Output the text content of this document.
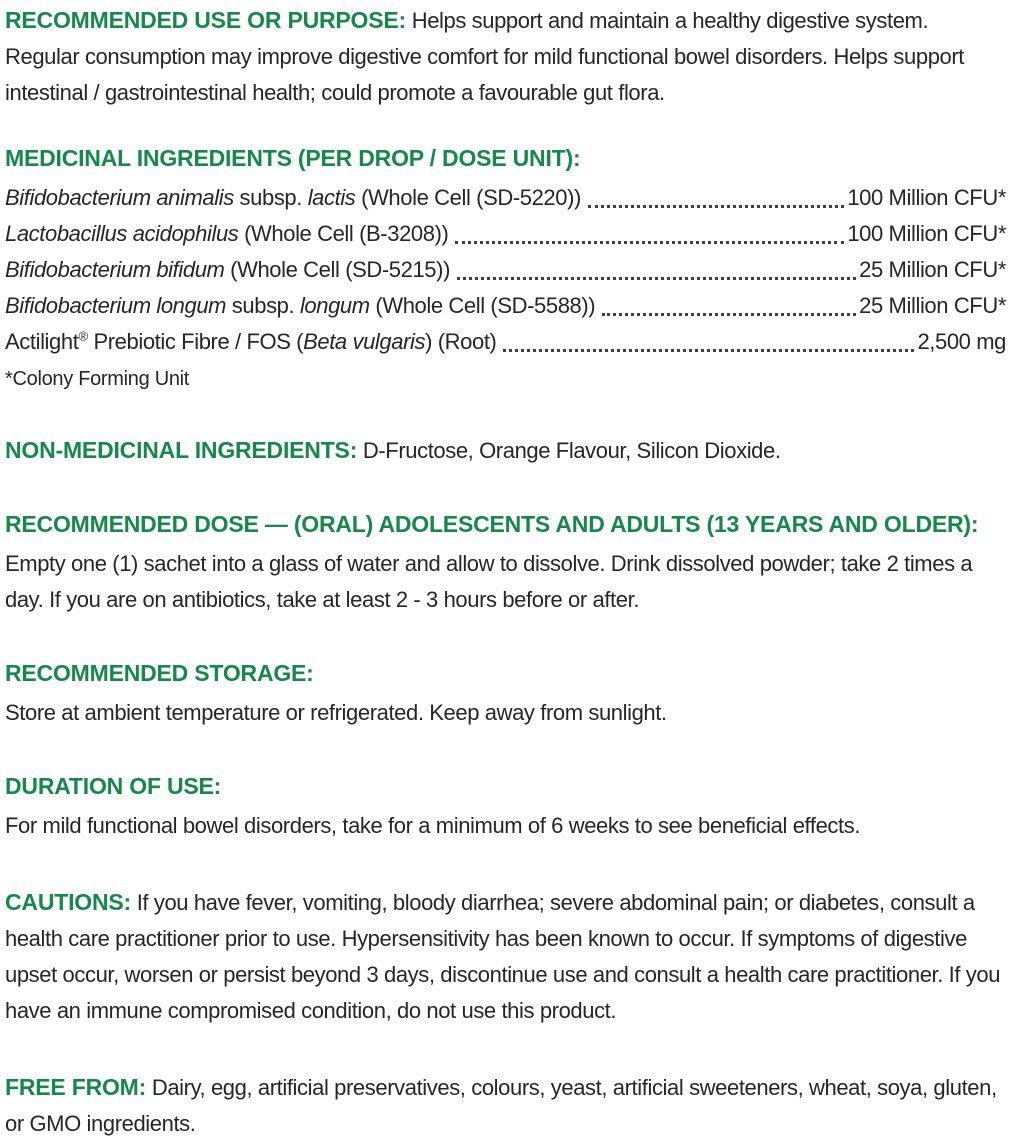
RECOMMENDED USE OR PURPOSE: Helps support and maintain a healthy digestive system. Regular consumption may improve digestive comfort for mild functional bowel disorders. Helps support intestinal / gastrointestinal health; could promote a favourable gut flora.

MEDICINAL INGREDIENTS (PER DROP / DOSE UNIT):
Bifidobacterium animalis subsp. lactis (Whole Cell (SD-5220))	100 Million CFU*
Lactobacillus acidophilus (Whole Cell (B-3208))	100 Million CFU*
Bifidobacterium bifidum (Whole Cell (SD-5215))	25 Million CFU*
Bifidobacterium longum subsp. longum (Whole Cell (SD-5588))	25 Million CFU*
Actilight® Prebiotic Fibre / FOS (Beta vulgaris) (Root)	2,500 mg

*Colony Forming Unit

NON-MEDICINAL INGREDIENTS: D-Fructose, Orange Flavour, Silicon Dioxide.

RECOMMENDED DOSE — (ORAL) ADOLESCENTS AND ADULTS (13 YEARS AND OLDER):

Empty one (1) sachet into a glass of water and allow to dissolve. Drink dissolved powder; take 2 times a day. If you are on antibiotics, take at least 2 - 3 hours before or after.

RECOMMENDED STORAGE:

Store at ambient temperature or refrigerated. Keep away from sunlight.

DURATION OF USE:

For mild functional bowel disorders, take for a minimum of 6 weeks to see beneficial effects.

CAUTIONS: If you have fever, vomiting, bloody diarrhea; severe abdominal pain; or diabetes, consult a health care practitioner prior to use. Hypersensitivity has been known to occur. If symptoms of digestive upset occur, worsen or persist beyond 3 days, discontinue use and consult a health care practitioner. If you have an immune compromised condition, do not use this product.

FREE FROM: Dairy, egg, artificial preservatives, colours, yeast, artificial sweeteners, wheat, soya, gluten, or GMO ingredients.
